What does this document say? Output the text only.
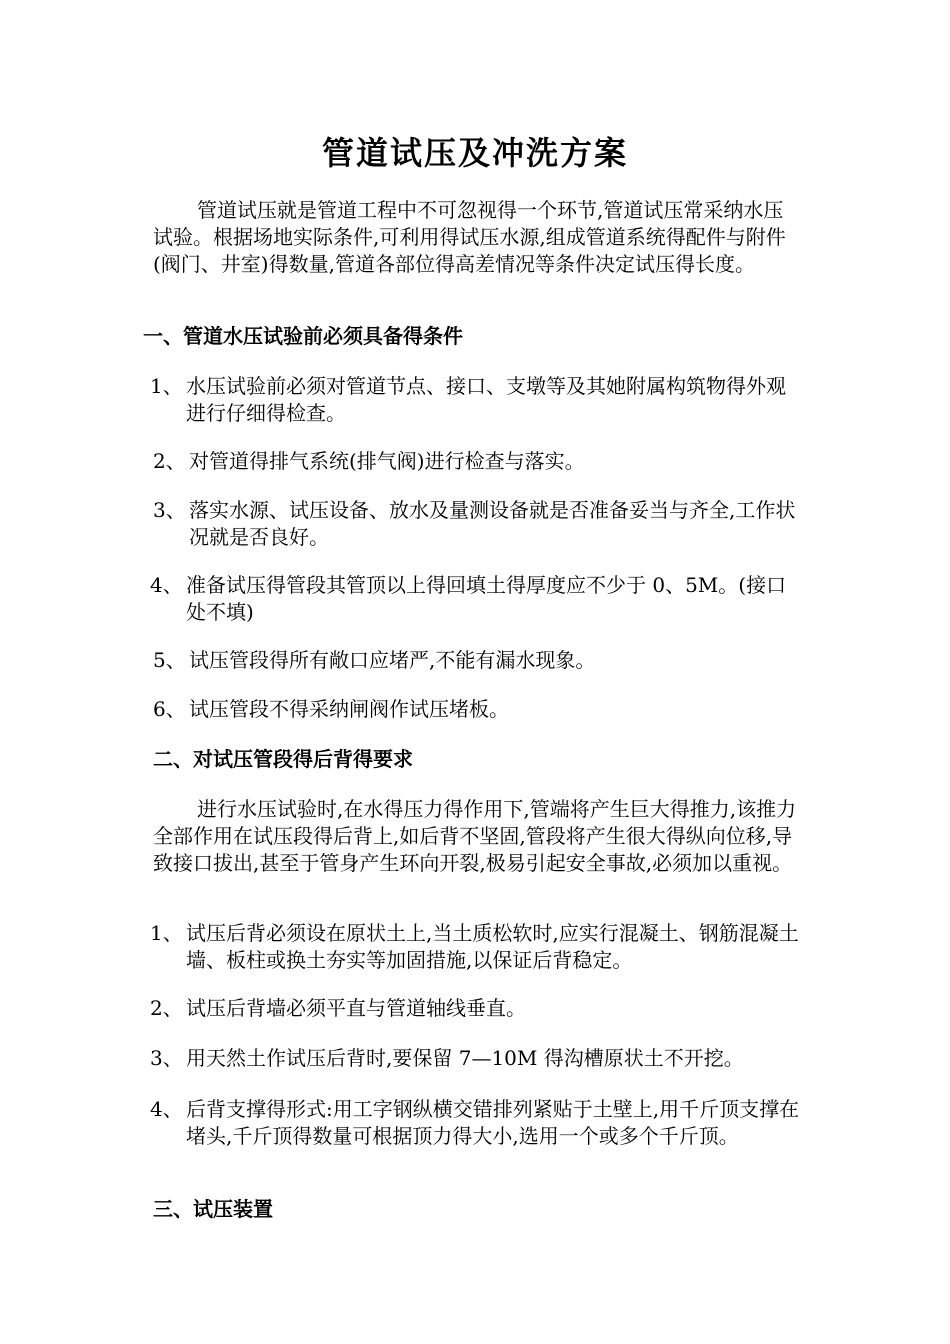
管道试压及冲洗方案
管道试压就是管道工程中不可忽视得一个环节,管道试压常采纳水压试验。根据场地实际条件,可利用得试压水源,组成管道系统得配件与附件(阀门、井室)得数量,管道各部位得高差情况等条件决定试压得长度。
一、管道水压试验前必须具备得条件
1、 水压试验前必须对管道节点、接口、支墩等及其她附属构筑物得外观进行仔细得检查。
2、 对管道得排气系统(排气阀)进行检查与落实。
3、 落实水源、试压设备、放水及量测设备就是否准备妥当与齐全,工作状况就是否良好。
4、 准备试压得管段其管顶以上得回填土得厚度应不少于 0、5M。(接口处不填)
5、 试压管段得所有敞口应堵严,不能有漏水现象。
6、 试压管段不得采纳闸阀作试压堵板。
二、对试压管段得后背得要求
进行水压试验时,在水得压力得作用下,管端将产生巨大得推力,该推力全部作用在试压段得后背上,如后背不坚固,管段将产生很大得纵向位移,导致接口拔出,甚至于管身产生环向开裂,极易引起安全事故,必须加以重视。
1、 试压后背必须设在原状土上,当土质松软时,应实行混凝土、钢筋混凝土墙、板柱或换土夯实等加固措施,以保证后背稳定。
2、 试压后背墙必须平直与管道轴线垂直。
3、 用天然土作试压后背时,要保留 7—10M 得沟槽原状土不开挖。
4、 后背支撑得形式:用工字钢纵横交错排列紧贴于土壁上,用千斤顶支撑在堵头,千斤顶得数量可根据顶力得大小,选用一个或多个千斤顶。
三、试压装置
